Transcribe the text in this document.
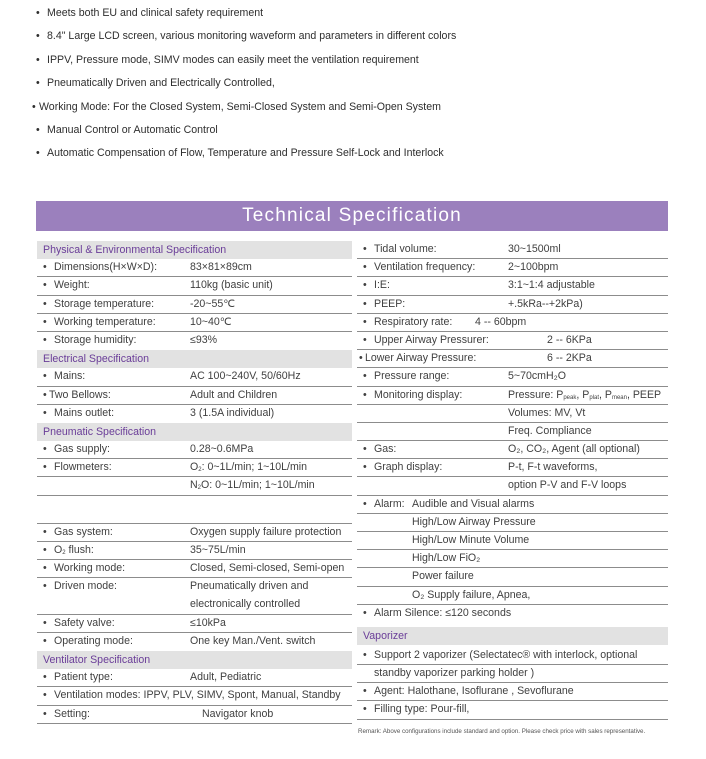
• Meets both EU and clinical safety requirement
• 8.4" Large LCD screen, various monitoring waveform and parameters in different colors
• IPPV, Pressure mode, SIMV modes can easily meet the ventilation requirement
• Pneumatically Driven and Electrically Controlled,
• Working Mode: For the Closed System, Semi-Closed System and Semi-Open System
• Manual Control or Automatic Control
• Automatic Compensation of Flow, Temperature and Pressure Self-Lock and Interlock
Technical Specification
Physical & Environmental Specification
• Dimensions(H×W×D):	83×81×89cm
• Weight:	110kg (basic unit)
• Storage temperature:	-20~55℃
• Working temperature:	10~40℃
• Storage humidity:	≤93%
Electrical Specification
• Mains:	AC 100~240V, 50/60Hz
• Two Bellows:	Adult and Children
• Mains outlet:	3 (1.5A individual)
Pneumatic Specification
• Gas supply:	0.28~0.6MPa
• Flowmeters:	$O_2$: 0~1L/min; 1~10L/min
$N_2O$: 0~1L/min; 1~10L/min
• Gas system:	Oxygen supply failure protection
• $O_2$ flush:	35~75L/min
• Working mode:	Closed, Semi-closed, Semi-open
• Driven mode:	Pneumatically driven and
electronically controlled
• Safety valve:	≤10kPa
• Operating mode:	One key Man./Vent. switch
Ventilator Specification
• Patient type:	Adult, Pediatric
• Ventilation modes: IPPV, PLV, SIMV, Spont, Manual, Standby
• Setting:	Navigator knob
• Tidal volume:	30~1500ml
• Ventilation frequency:	2~100bpm
• I:E:	3:1~1:4 adjustable
• PEEP:	+.5kRa--+2kPa)
• Respiratory rate: 4 -- 60bpm
• Upper Airway Pressurer:	2 -- 6KPa
• Lower Airway Pressure:	6 -- 2KPa
• Pressure range:	5~70cmH₂O
• Monitoring display:	Pressure: $P_{peak}$, $P_{plat}$, $P_{mean}$, PEEP
Volumes: MV, Vt
Freq. Compliance
• Gas:	O₂, CO₂, Agent (all optional)
• Graph display:	P-t, F-t waveforms,
option P-V and F-V loops
• Alarm: Audible and Visual alarms
High/Low Airway Pressure
High/Low Minute Volume
High/Low FiO₂
Power failure
O₂ Supply failure, Apnea,
• Alarm Silence: ≤120 seconds
Vaporizer
• Support 2 vaporizer (Selectatec® with interlock, optional
standby vaporizer parking holder )
• Agent: Halothane, Isoflurane , Sevoflurane
• Filling type: Pour-fill,
Remark: Above configurations include standard and option. Please check price with sales representative.
